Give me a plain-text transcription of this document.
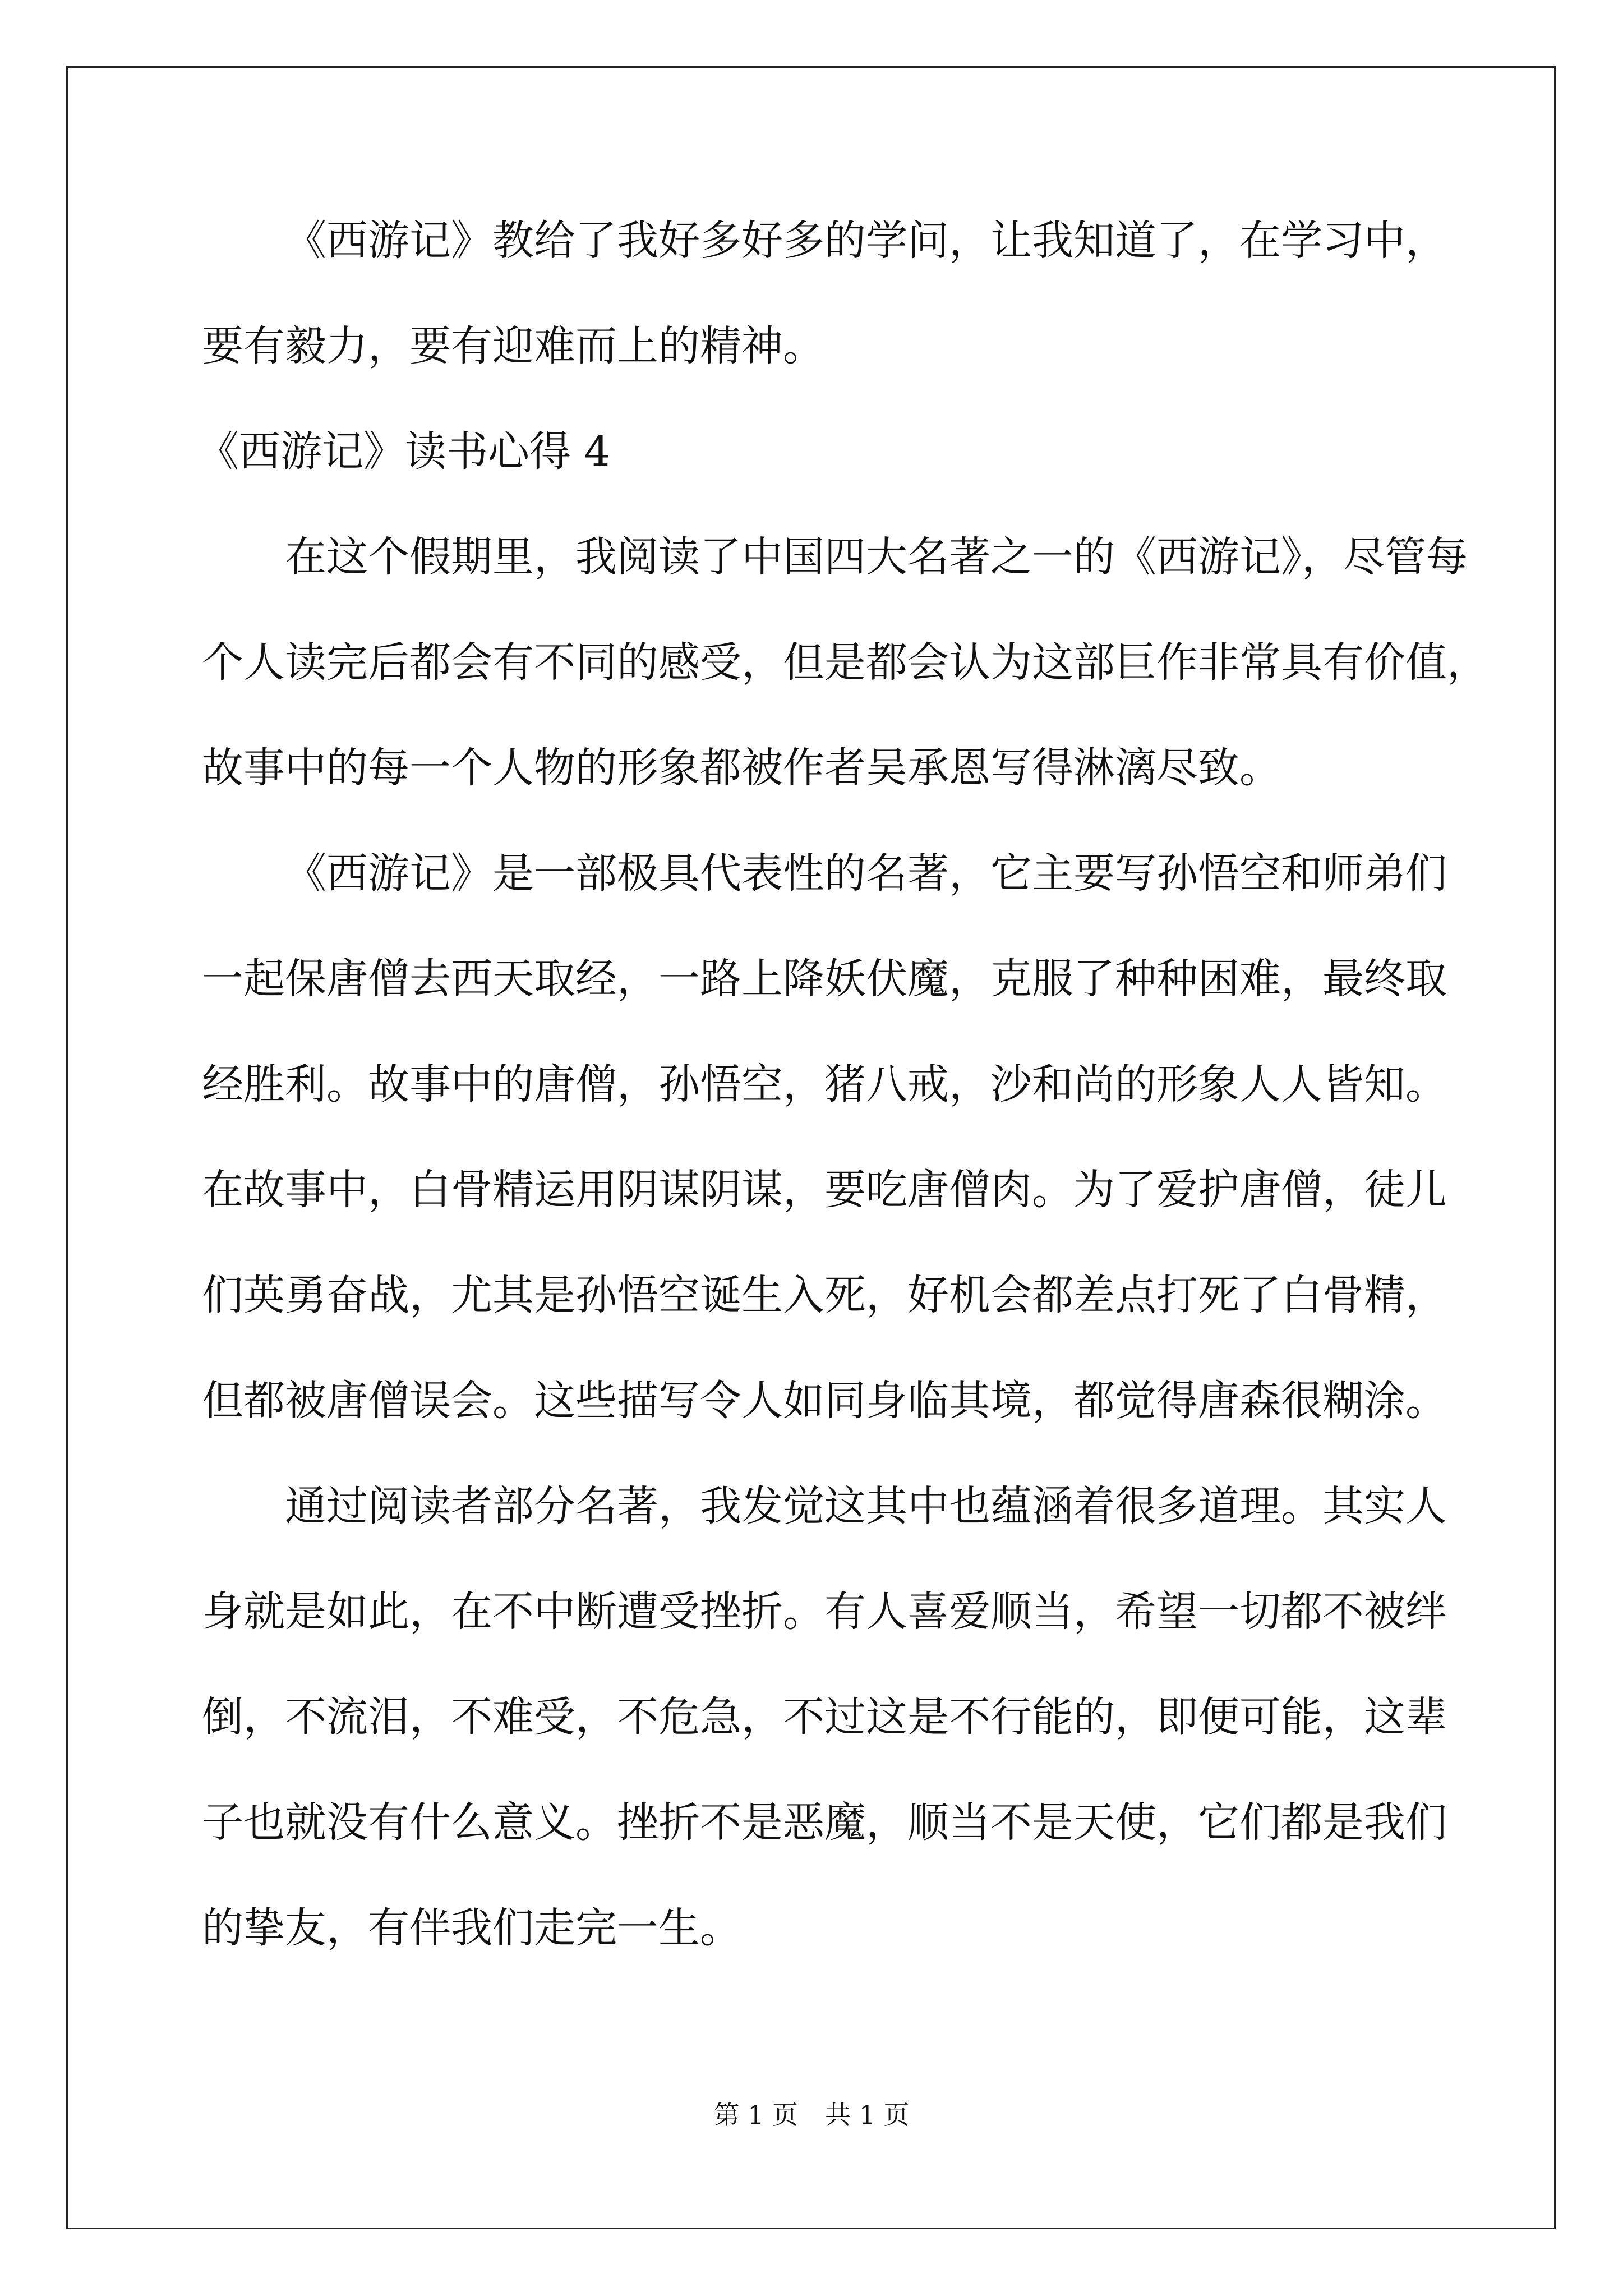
《西游记》教给了我好多好多的学问，让我知道了，在学习中，
要有毅力，要有迎难而上的精神。
《西游记》读书心得 4
在这个假期里，我阅读了中国四大名著之一的《西游记》，尽管每
个人读完后都会有不同的感受，但是都会认为这部巨作非常具有价值，
故事中的每一个人物的形象都被作者吴承恩写得淋漓尽致。
《西游记》是一部极具代表性的名著，它主要写孙悟空和师弟们
一起保唐僧去西天取经，一路上降妖伏魔，克服了种种困难，最终取
经胜利。故事中的唐僧，孙悟空，猪八戒，沙和尚的形象人人皆知。
在故事中，白骨精运用阴谋阴谋，要吃唐僧肉。为了爱护唐僧，徒儿
们英勇奋战，尤其是孙悟空诞生入死，好机会都差点打死了白骨精，
但都被唐僧误会。这些描写令人如同身临其境，都觉得唐森很糊涂。
通过阅读者部分名著，我发觉这其中也蕴涵着很多道理。其实人
身就是如此，在不中断遭受挫折。有人喜爱顺当，希望一切都不被绊
倒，不流泪，不难受，不危急，不过这是不行能的，即便可能，这辈
子也就没有什么意义。挫折不是恶魔，顺当不是天使，它们都是我们
的挚友，有伴我们走完一生。
第 1 页 共 1 页
